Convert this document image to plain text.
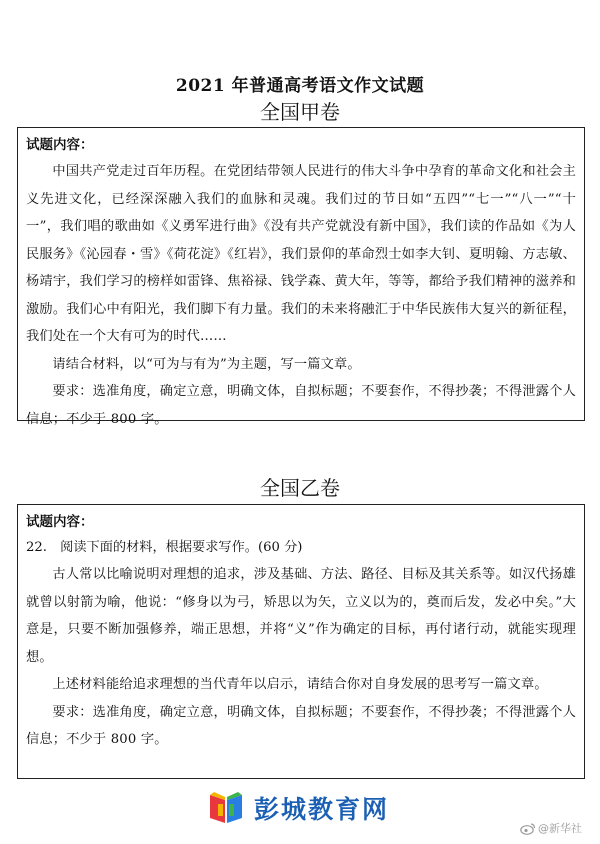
2021 年普通高考语文作文试题
全国甲卷
试题内容：

中国共产党走过百年历程。在党团结带领人民进行的伟大斗争中孕育的革命文化和社会主义先进文化，已经深深融入我们的血脉和灵魂。我们过的节日如“五四”“七一”“八一”“十一”，我们唱的歌曲如《义勇军进行曲》《没有共产党就没有新中国》，我们读的作品如《为人民服务》《沁园春・雪》《荷花淀》《红岩》，我们景仰的革命烈士如李大钊、夏明翰、方志敏、杨靖宇，我们学习的榜样如雷锋、焦裕禄、钱学森、黄大年，等等，都给予我们精神的滋养和激励。我们心中有阳光，我们脚下有力量。我们的未来将融汇于中华民族伟大复兴的新征程，我们处在一个大有可为的时代……

请结合材料，以“可为与有为”为主题，写一篇文章。

要求：选准角度，确定立意，明确文体，自拟标题；不要套作，不得抄袭；不得泄露个人信息；不少于 800 字。

全国乙卷
试题内容：

22.　阅读下面的材料，根据要求写作。(60 分)

古人常以比喻说明对理想的追求，涉及基础、方法、路径、目标及其关系等。如汉代扬雄就曾以射箭为喻，他说：“修身以为弓，矫思以为矢，立义以为的，奠而后发，发必中矣。”大意是，只要不断加强修养，端正思想，并将“义”作为确定的目标，再付诸行动，就能实现理想。

上述材料能给追求理想的当代青年以启示，请结合你对自身发展的思考写一篇文章。

要求：选准角度，确定立意，明确文体，自拟标题；不要套作，不得抄袭；不得泄露个人信息；不少于 800 字。

彭城教育网
@新华社
